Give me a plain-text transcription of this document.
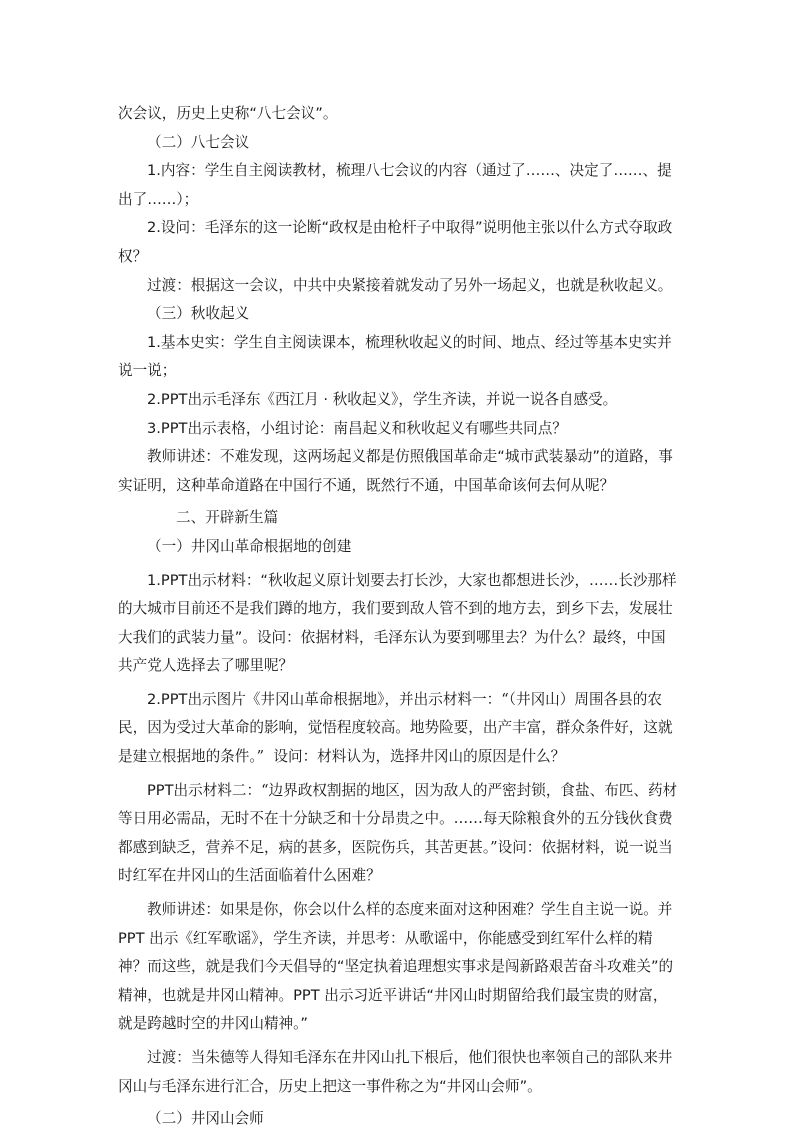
次会议，历史上史称“八七会议”。

（二）八七会议

1.内容：学生自主阅读教材，梳理八七会议的内容（通过了……、决定了……、提出了……）；

2.设问：毛泽东的这一论断“政权是由枪杆子中取得”说明他主张以什么方式夺取政权？

过渡：根据这一会议，中共中央紧接着就发动了另外一场起义，也就是秋收起义。

（三）秋收起义

1.基本史实：学生自主阅读课本，梳理秋收起义的时间、地点、经过等基本史实并说一说；

2.PPT出示毛泽东《西江月 · 秋收起义》，学生齐读，并说一说各自感受。

3.PPT出示表格，小组讨论：南昌起义和秋收起义有哪些共同点？

教师讲述：不难发现，这两场起义都是仿照俄国革命走“城市武装暴动”的道路，事实证明，这种革命道路在中国行不通，既然行不通，中国革命该何去何从呢？

二、开辟新生篇

（一）井冈山革命根据地的创建

1.PPT出示材料：“秋收起义原计划要去打长沙，大家也都想进长沙，……长沙那样的大城市目前还不是我们蹲的地方，我们要到敌人管不到的地方去，到乡下去，发展壮大我们的武装力量”。设问：依据材料，毛泽东认为要到哪里去？为什么？最终，中国共产党人选择去了哪里呢？

2.PPT出示图片《井冈山革命根据地》，并出示材料一：“（井冈山）周围各县的农民，因为受过大革命的影响，觉悟程度较高。地势险要，出产丰富，群众条件好，这就是建立根据地的条件。” 设问：材料认为，选择井冈山的原因是什么？

PPT出示材料二：“边界政权割据的地区，因为敌人的严密封锁，食盐、布匹、药材等日用必需品，无时不在十分缺乏和十分昂贵之中。……每天除粮食外的五分钱伙食费都感到缺乏，营养不足，病的甚多，医院伤兵，其苦更甚。”设问：依据材料，说一说当时红军在井冈山的生活面临着什么困难？

教师讲述：如果是你，你会以什么样的态度来面对这种困难？学生自主说一说。并 PPT 出示《红军歌谣》，学生齐读，并思考：从歌谣中，你能感受到红军什么样的精神？而这些，就是我们今天倡导的“坚定执着追理想实事求是闯新路艰苦奋斗攻难关”的精神，也就是井冈山精神。PPT 出示习近平讲话“井冈山时期留给我们最宝贵的财富，就是跨越时空的井冈山精神。”

过渡：当朱德等人得知毛泽东在井冈山扎下根后，他们很快也率领自己的部队来井冈山与毛泽东进行汇合，历史上把这一事件称之为“井冈山会师”。

（二）井冈山会师
